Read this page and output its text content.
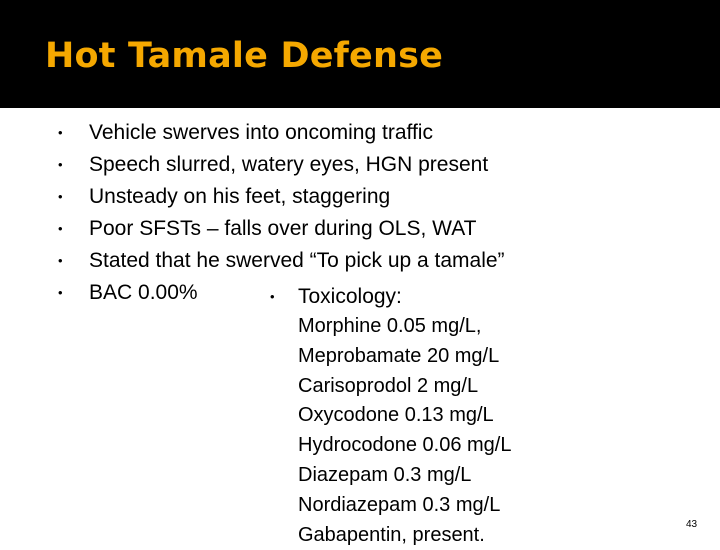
Hot Tamale Defense
• Vehicle swerves into oncoming traffic
• Speech slurred, watery eyes, HGN present
• Unsteady on his feet, staggering
• Poor SFSTs – falls over during OLS, WAT
• Stated that he swerved “To pick up a tamale”
• BAC 0.00%	• Toxicology:
Morphine 0.05 mg/L,
Meprobamate 20 mg/L
Carisoprodol 2 mg/L
Oxycodone 0.13 mg/L
Hydrocodone 0.06 mg/L
Diazepam 0.3 mg/L
Nordiazepam 0.3 mg/L
Gabapentin, present.	43
